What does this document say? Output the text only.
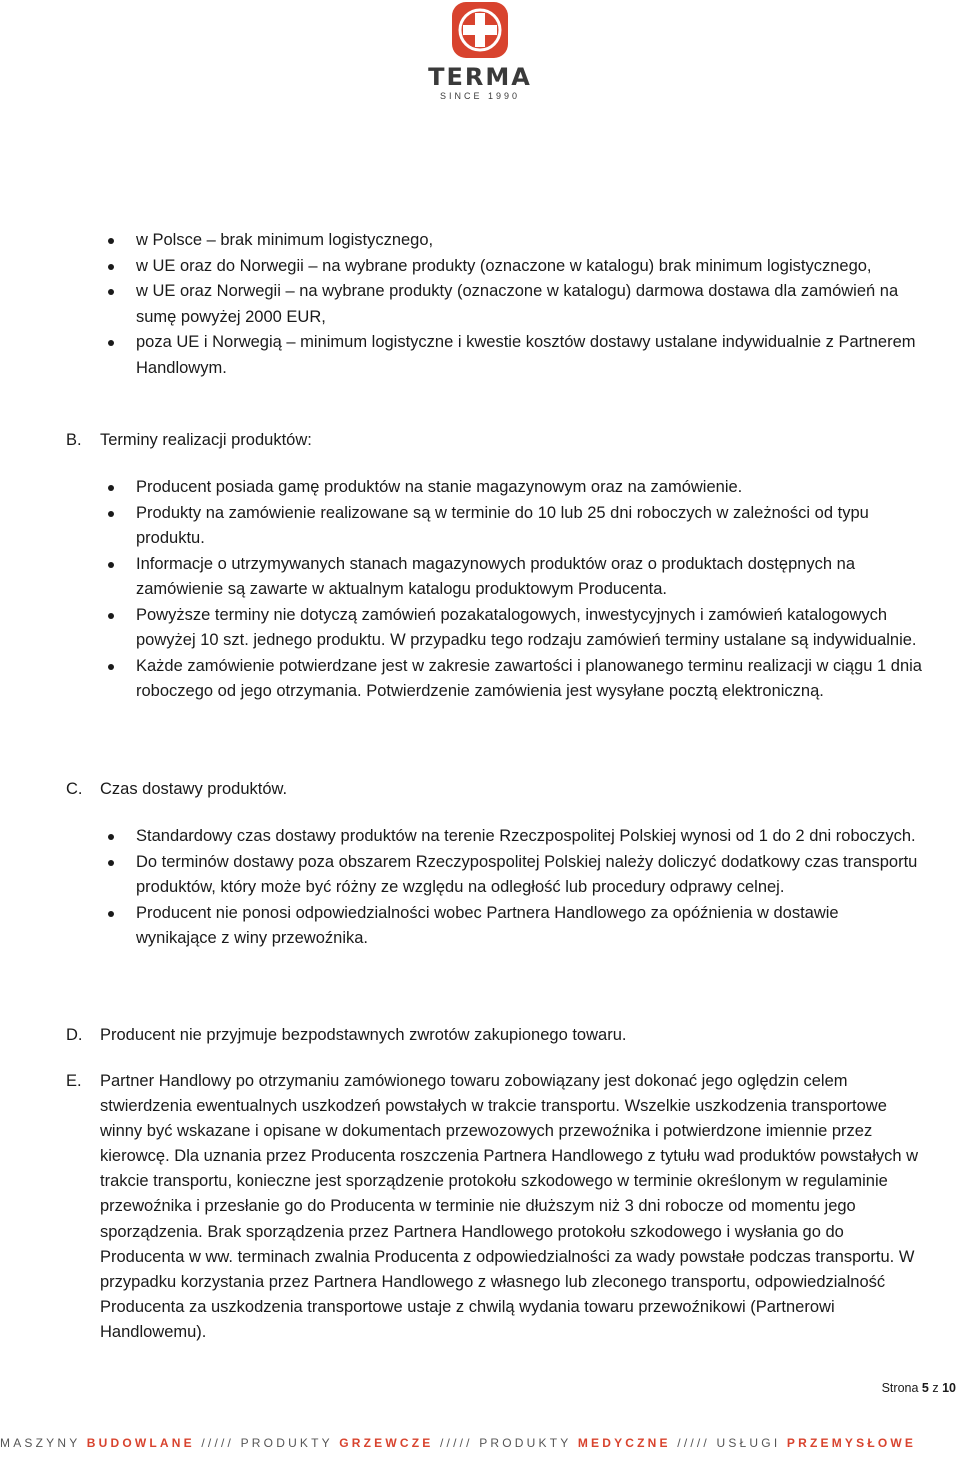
TERMA
SINCE 1990
w Polsce – brak minimum logistycznego,
w UE oraz do Norwegii – na wybrane produkty (oznaczone w katalogu) brak minimum logistycznego,
w UE oraz Norwegii – na wybrane produkty (oznaczone w katalogu) darmowa dostawa dla zamówień na sumę powyżej 2000 EUR,
poza UE i Norwegią – minimum logistyczne i kwestie kosztów dostawy ustalane indywidualnie z Partnerem Handlowym.
B. Terminy realizacji produktów:
Producent posiada gamę produktów na stanie magazynowym oraz na zamówienie.
Produkty na zamówienie realizowane są w terminie do 10 lub 25 dni roboczych w zależności od typu produktu.
Informacje o utrzymywanych stanach magazynowych produktów oraz o produktach dostępnych na zamówienie są zawarte w aktualnym katalogu produktowym Producenta.
Powyższe terminy nie dotyczą zamówień pozakatalogowych, inwestycyjnych i zamówień katalogowych powyżej 10 szt. jednego produktu. W przypadku tego rodzaju zamówień terminy ustalane są indywidualnie.
Każde zamówienie potwierdzane jest w zakresie zawartości i planowanego terminu realizacji w ciągu 1 dnia roboczego od jego otrzymania. Potwierdzenie zamówienia jest wysyłane pocztą elektroniczną.
C. Czas dostawy produktów.
Standardowy czas dostawy produktów na terenie Rzeczpospolitej Polskiej wynosi od 1 do 2 dni roboczych.
Do terminów dostawy poza obszarem Rzeczypospolitej Polskiej należy doliczyć dodatkowy czas transportu produktów, który może być różny ze względu na odległość lub procedury odprawy celnej.
Producent nie ponosi odpowiedzialności wobec Partnera Handlowego za opóźnienia w dostawie wynikające z winy przewoźnika.
D. Producent nie przyjmuje bezpodstawnych zwrotów zakupionego towaru.
E.	Partner Handlowy po otrzymaniu zamówionego towaru zobowiązany jest dokonać jego oględzin celem stwierdzenia ewentualnych uszkodzeń powstałych w trakcie transportu. Wszelkie uszkodzenia transportowe winny być wskazane i opisane w dokumentach przewozowych przewoźnika i potwierdzone imiennie przez kierowcę. Dla uznania przez Producenta roszczenia Partnera Handlowego z tytułu wad produktów powstałych w trakcie transportu, konieczne jest sporządzenie protokołu szkodowego w terminie określonym w regulaminie przewoźnika i przesłanie go do Producenta w terminie nie dłuższym niż 3 dni robocze od momentu jego sporządzenia. Brak sporządzenia przez Partnera Handlowego protokołu szkodowego i wysłania go do Producenta w ww. terminach zwalnia Producenta z odpowiedzialności za wady powstałe podczas transportu. W przypadku korzystania przez Partnera Handlowego z własnego lub zleconego transportu, odpowiedzialność Producenta za uszkodzenia transportowe ustaje z chwilą wydania towaru przewoźnikowi (Partnerowi Handlowemu).
Strona 5 z 10
MASZYNY BUDOWLANE ///// PRODUKTY GRZEWCZE ///// PRODUKTY MEDYCZNE ///// USŁUGI PRZEMYSŁOWE
